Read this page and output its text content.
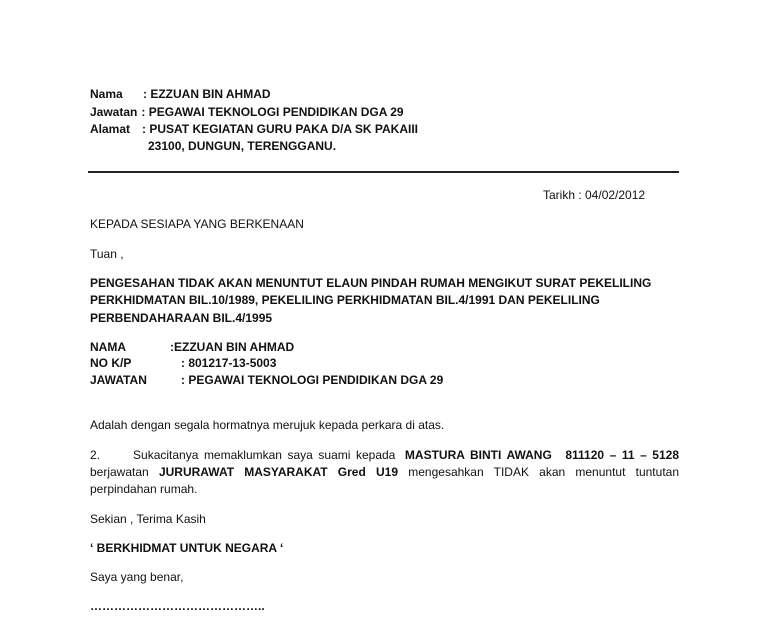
Nama : EZZUAN BIN AHMAD
Jawatan : PEGAWAI TEKNOLOGI PENDIDIKAN DGA 29
Alamat : PUSAT KEGIATAN GURU PAKA D/A SK PAKAIII
23100, DUNGUN, TERENGGANU.
Tarikh : 04/02/2012
KEPADA SESIAPA YANG BERKENAAN
Tuan ,
PENGESAHAN TIDAK AKAN MENUNTUT ELAUN PINDAH RUMAH MENGIKUT SURAT PEKELILING
PERKHIDMATAN BIL.10/1989, PEKELILING PERKHIDMATAN BIL.4/1991 DAN PEKELILING
PERBENDAHARAAN BIL.4/1995
NAMA	:EZZUAN BIN AHMAD
NO K/P	: 801217-13-5003
JAWATAN	: PEGAWAI TEKNOLOGI PENDIDIKAN DGA 29
Adalah dengan segala hormatnya merujuk kepada perkara di atas.
2.	Sukacitanya memaklumkan saya suami kepada MASTURA BINTI AWANG 811120 – 11 – 5128 berjawatan JURURAWAT MASYARAKAT Gred U19 mengesahkan TIDAK akan menuntut tuntutan perpindahan rumah.
Sekian , Terima Kasih
‘ BERKHIDMAT UNTUK NEGARA ‘
Saya yang benar,
……………………………………..
